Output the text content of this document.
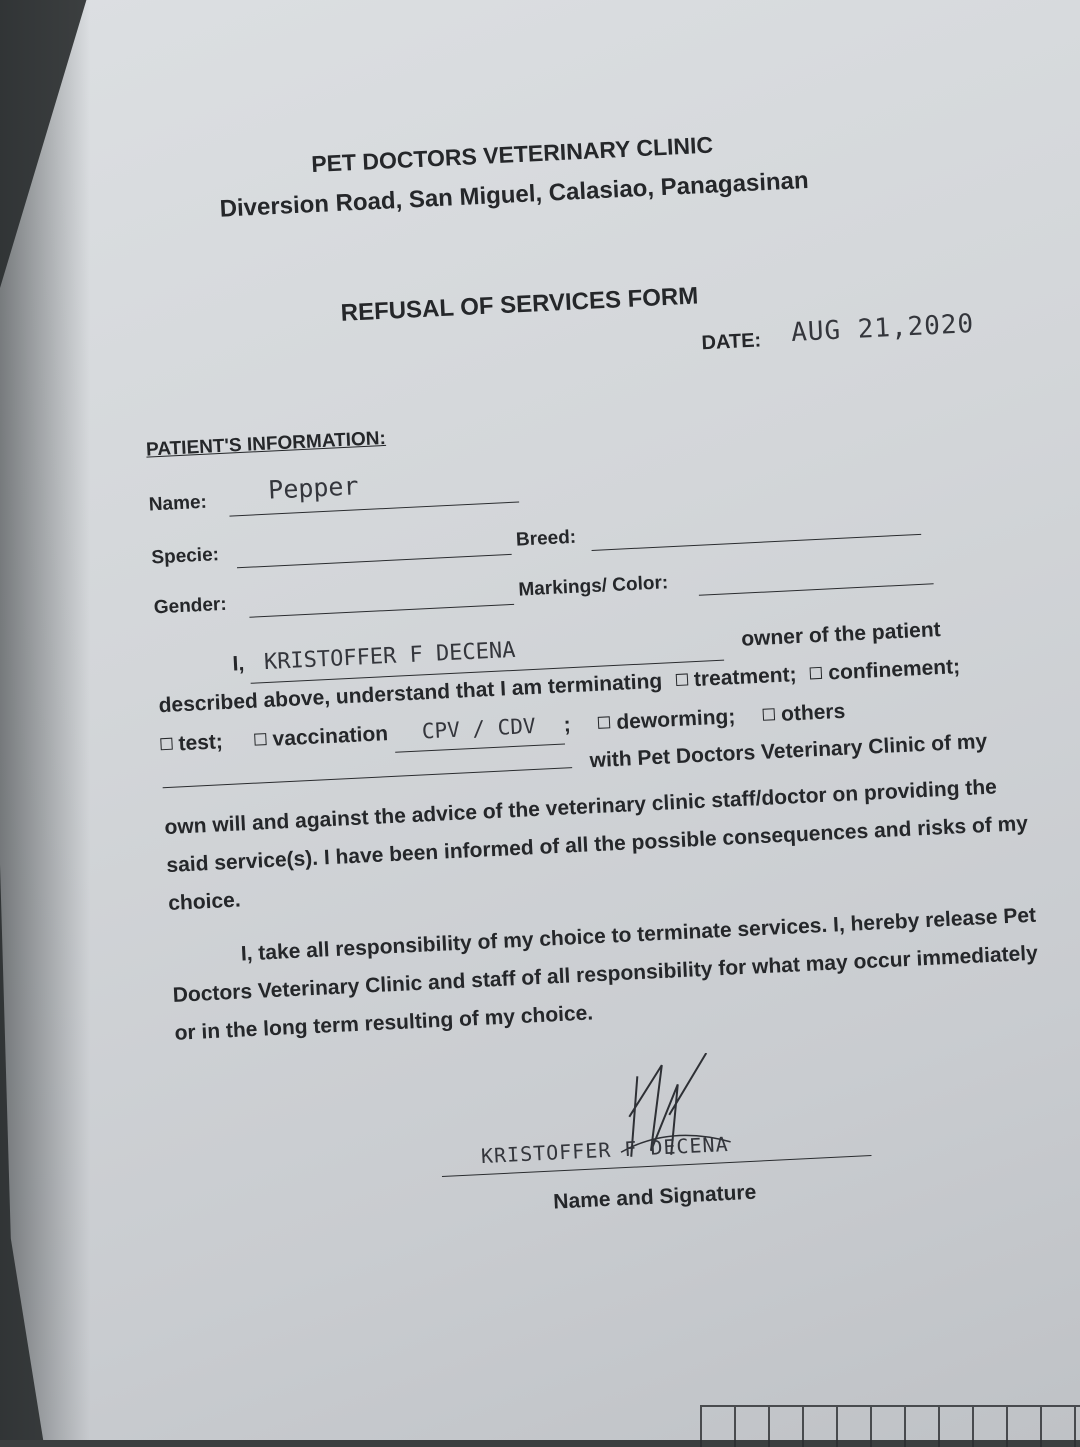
PET DOCTORS VETERINARY CLINIC
Diversion Road, San Miguel, Calasiao, Panagasinan
REFUSAL OF SERVICES FORM
DATE: AUG 21,2020
PATIENT'S INFORMATION:
Name: Pepper
Specie:
Breed:
Gender:
Markings/ Color:
I, KRISTOFFER F DECENA owner of the patient
described above, understand that I am terminating treatment; confinement;
test; vaccination CPV / CDV ; deworming; others
with Pet Doctors Veterinary Clinic of my
own will and against the advice of the veterinary clinic staff/doctor on providing the said service(s). I have been informed of all the possible consequences and risks of my choice.
I, take all responsibility of my choice to terminate services. I, hereby release Pet Doctors Veterinary Clinic and staff of all responsibility for what may occur immediately or in the long term resulting of my choice.
KRISTOFFER F DECENA
Name and Signature
